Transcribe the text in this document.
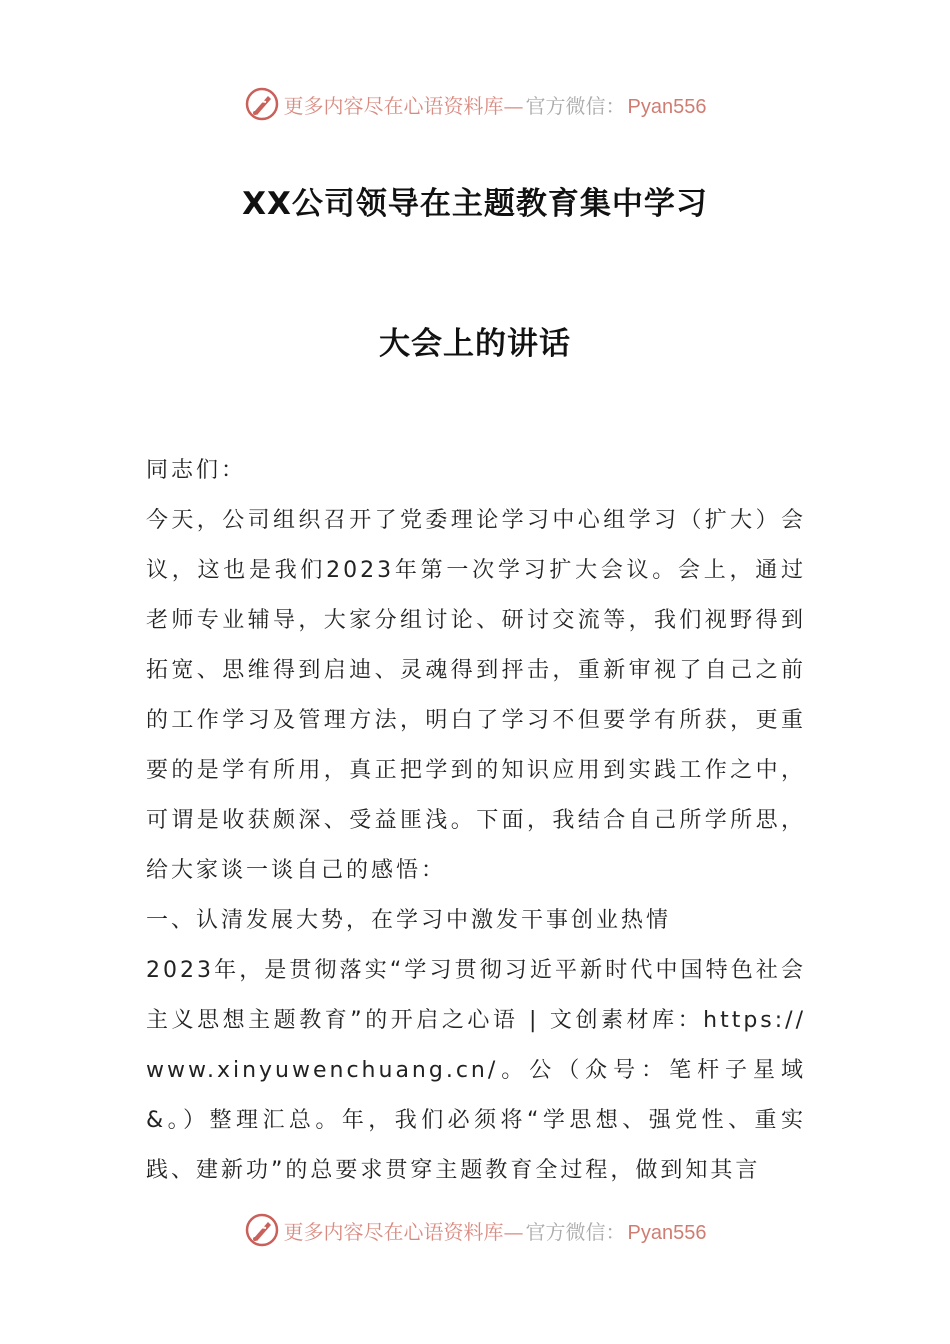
更多内容尽在心语资料库— 官方微信： Pyan556
XX公司领导在主题教育集中学习
大会上的讲话

同志们：

今天，公司组织召开了党委理论学习中心组学习（扩大）会议，这也是我们2023年第一次学习扩大会议。会上，通过老师专业辅导，大家分组讨论、研讨交流等，我们视野得到拓宽、思维得到启迪、灵魂得到抨击，重新审视了自己之前的工作学习及管理方法，明白了学习不但要学有所获，更重要的是学有所用，真正把学到的知识应用到实践工作之中，可谓是收获颇深、受益匪浅。下面，我结合自己所学所思，给大家谈一谈自己的感悟：

一、认清发展大势，在学习中激发干事创业热情

2023年，是贯彻落实“学习贯彻习近平新时代中国特色社会主义思想主题教育”的开启之心语 | 文创素材库：https://www.xinyuwenchuang.cn/。公（众号：笔杆子星域&。）整理汇总。年，我们必须将“学思想、强党性、重实践、建新功”的总要求贯穿主题教育全过程，做到知其言

更多内容尽在心语资料库— 官方微信： Pyan556
